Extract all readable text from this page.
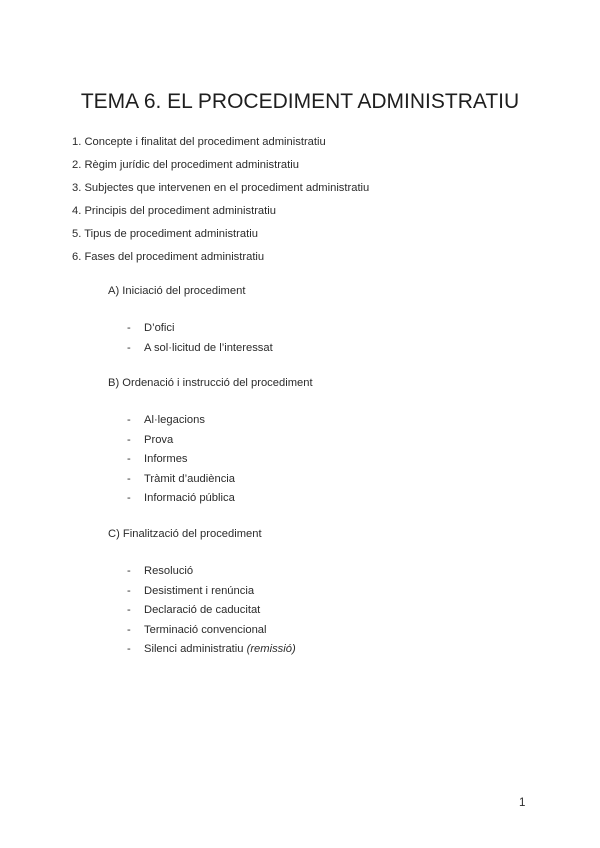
TEMA 6. EL PROCEDIMENT ADMINISTRATIU
1. Concepte i finalitat del procediment administratiu
2. Règim jurídic del procediment administratiu
3. Subjectes que intervenen en el procediment administratiu
4. Principis del procediment administratiu
5. Tipus de procediment administratiu
6. Fases del procediment administratiu
A) Iniciació del procediment
- D’ofici
- A sol·licitud de l’interessat
B) Ordenació i instrucció del procediment
- Al·legacions
- Prova
- Informes
- Tràmit d’audiència
- Informació pública
C) Finalització del procediment
- Resolució
- Desistiment i renúncia
- Declaració de caducitat
- Terminació convencional
- Silenci administratiu (remissió)
1
